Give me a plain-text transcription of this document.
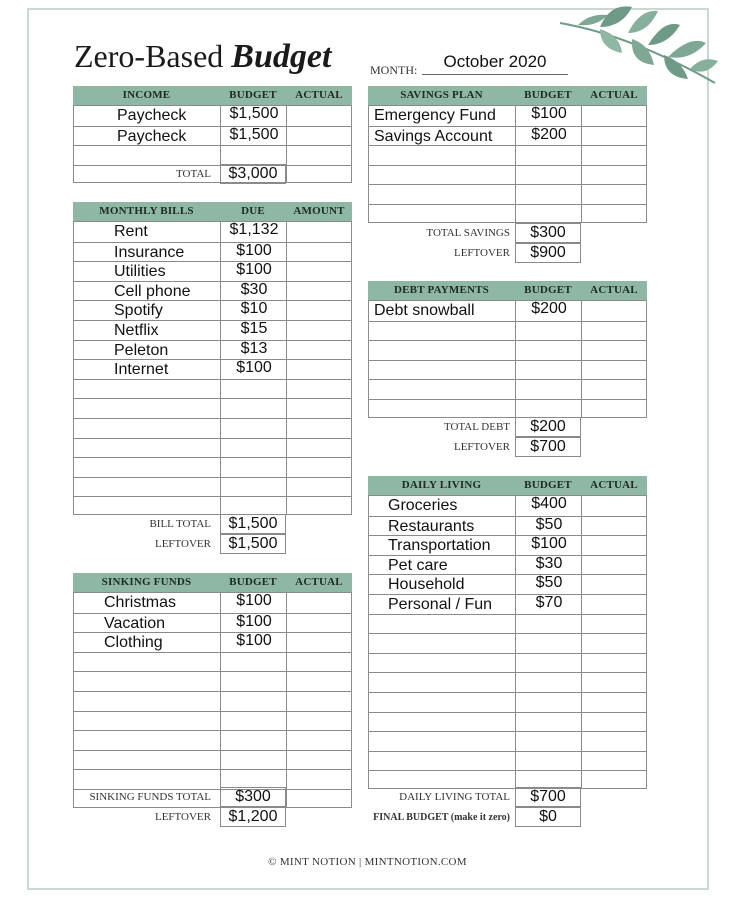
Zero-Based Budget	MONTH:	October 2020
INCOME	BUDGET	ACTUAL
Paycheck	$1,500
Paycheck	$1,500
TOTAL	$3,000
MONTHLY BILLS	DUE	AMOUNT
Rent	$1,132
Insurance	$100
Utilities	$100
Cell phone	$30
Spotify	$10
Netflix	$15
Peleton	$13
Internet	$100
BILL TOTAL	$1,500
LEFTOVER	$1,500
SINKING FUNDS	BUDGET	ACTUAL
Christmas	$100
Vacation	$100
Clothing	$100
SINKING FUNDS TOTAL	$300
LEFTOVER	$1,200
SAVINGS PLAN	BUDGET	ACTUAL
Emergency Fund	$100
Savings Account	$200
TOTAL SAVINGS	$300
LEFTOVER	$900
DEBT PAYMENTS	BUDGET	ACTUAL
Debt snowball	$200
TOTAL DEBT	$200
LEFTOVER	$700
DAILY LIVING	BUDGET	ACTUAL
Groceries	$400
Restaurants	$50
Transportation	$100
Pet care	$30
Household	$50
Personal / Fun	$70
DAILY LIVING TOTAL	$700
FINAL BUDGET (make it zero)	$0
© MINT NOTION | MINTNOTION.COM
